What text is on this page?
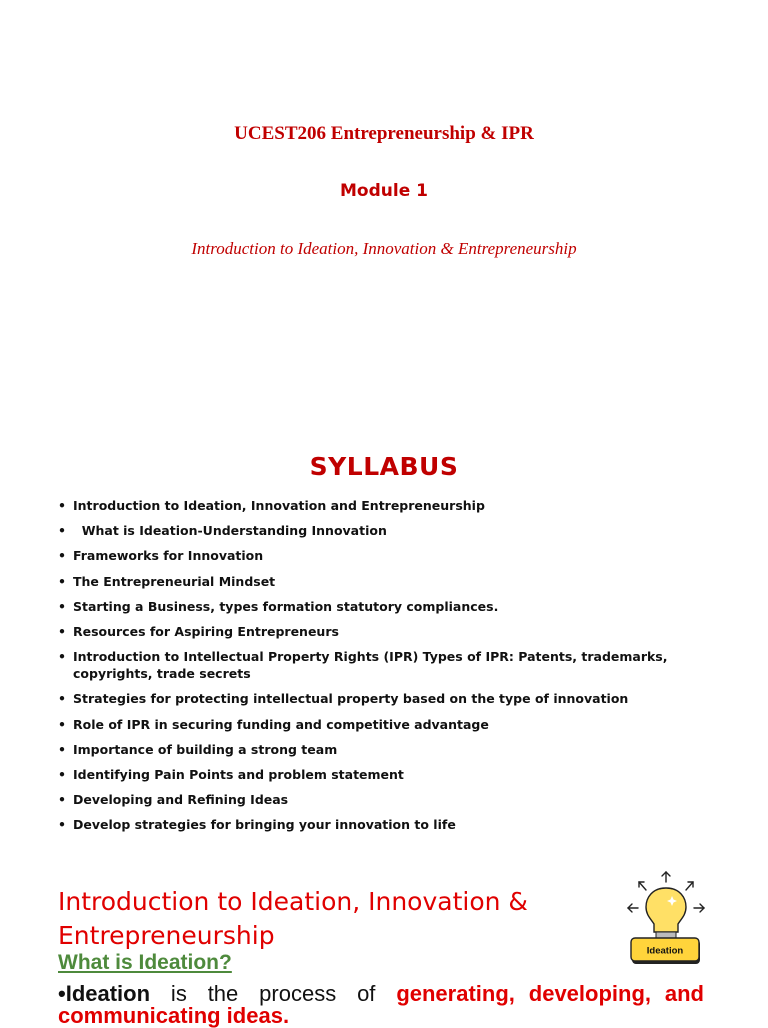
UCEST206 Entrepreneurship & IPR
Module 1
Introduction to Ideation, Innovation & Entrepreneurship
SYLLABUS
• Introduction to Ideation, Innovation and Entrepreneurship
•   What is Ideation-Understanding Innovation
• Frameworks for Innovation
• The Entrepreneurial Mindset
• Starting a Business, types formation statutory compliances.
• Resources for Aspiring Entrepreneurs
• Introduction to Intellectual Property Rights (IPR) Types of IPR: Patents, trademarks, copyrights, trade secrets
• Strategies for protecting intellectual property based on the type of innovation
• Role of IPR in securing funding and competitive advantage
• Importance of building a strong team
• Identifying Pain Points and problem statement
• Developing and Refining Ideas
• Develop strategies for bringing your innovation to life
Introduction to Ideation, Innovation & Entrepreneurship
What is Ideation?
•Ideation is the process of generating, developing, and communicating ideas.
Ideation
